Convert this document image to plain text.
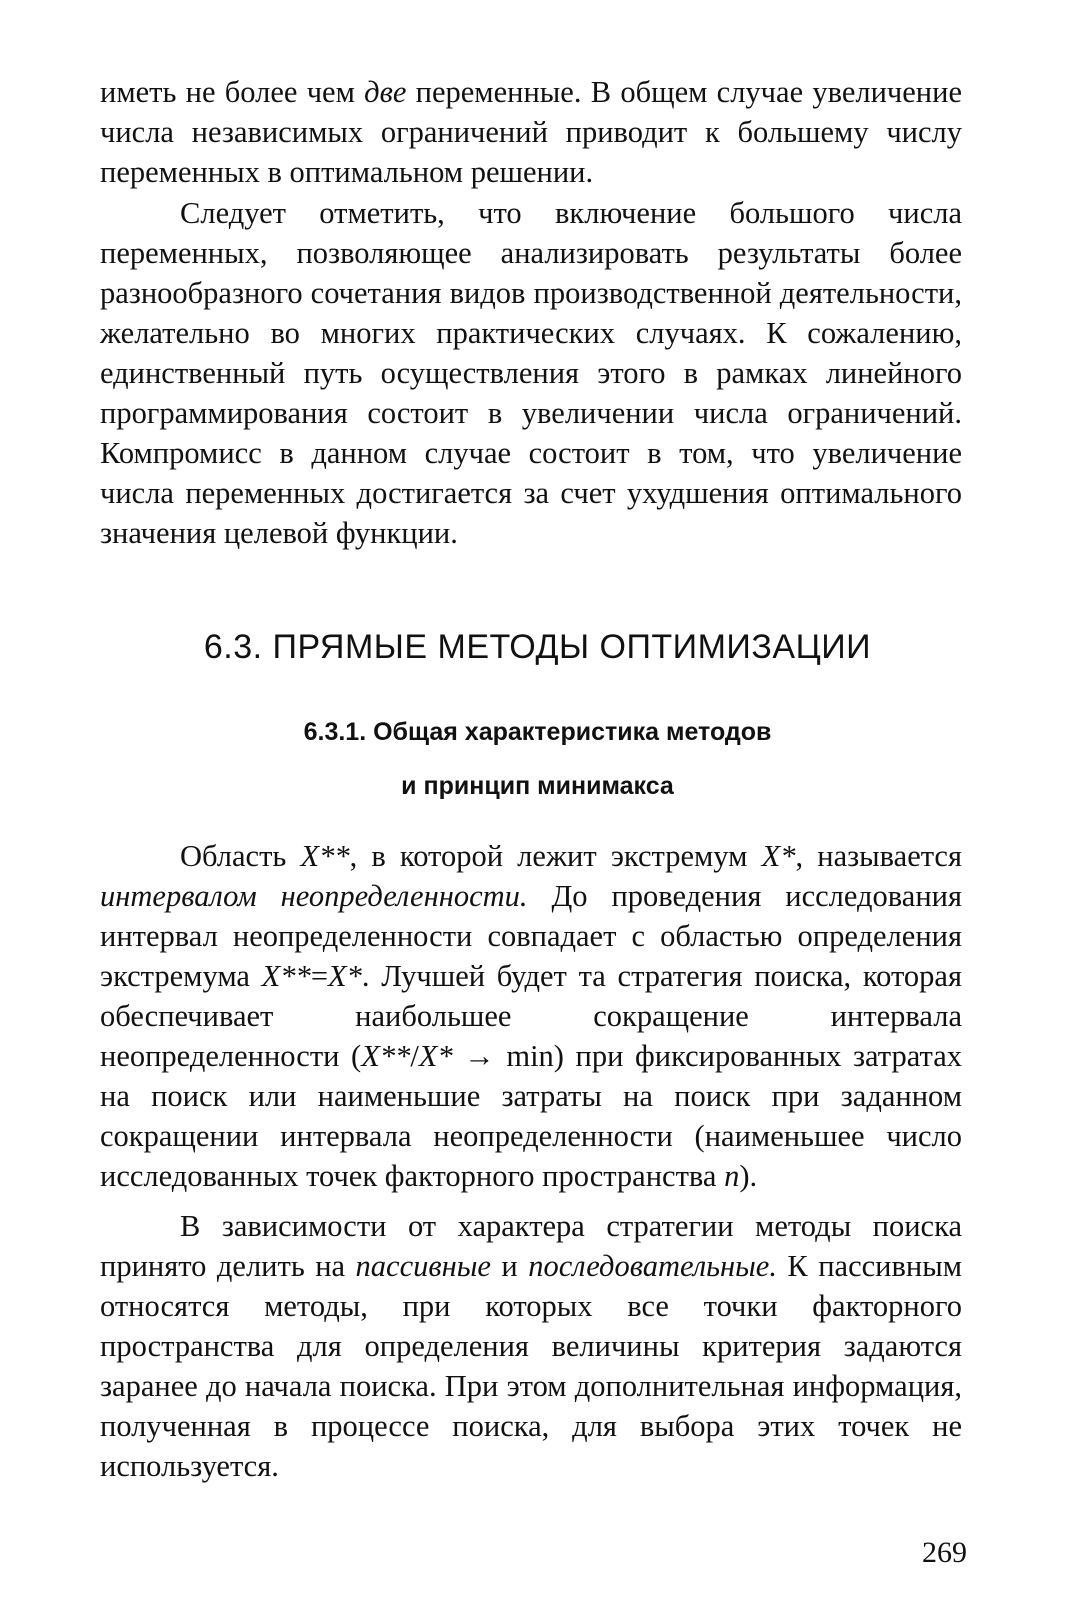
иметь не более чем две переменные. В общем случае увеличение числа независимых ограничений приводит к большему числу переменных в оптимальном решении.

Следует отметить, что включение большого числа переменных, позволяющее анализировать результаты более разнообразного сочетания видов производственной деятельности, желательно во многих практических случаях. К сожалению, единственный путь осуществления этого в рамках линейного программирования состоит в увеличении числа ограничений. Компромисс в данном случае состоит в том, что увеличение числа переменных достигается за счет ухудшения оптимального значения целевой функции.

6.3. ПРЯМЫЕ МЕТОДЫ ОПТИМИЗАЦИИ
6.3.1. Общая характеристика методов
и принцип минимакса

Область X**, в которой лежит экстремум X*, называется интервалом неопределенности. До проведения исследования интервал неопределенности совпадает с областью определения экстремума X**=X*. Лучшей будет та стратегия поиска, которая обеспечивает наибольшее сокращение интервала неопределенности (X**/X* → min) при фиксированных затратах на поиск или наименьшие затраты на поиск при заданном сокращении интервала неопределенности (наименьшее число исследованных точек факторного пространства n).

В зависимости от характера стратегии методы поиска принято делить на пассивные и последовательные. К пассивным относятся методы, при которых все точки факторного пространства для определения величины критерия задаются заранее до начала поиска. При этом дополнительная информация, полученная в процессе поиска, для выбора этих точек не используется.

269
